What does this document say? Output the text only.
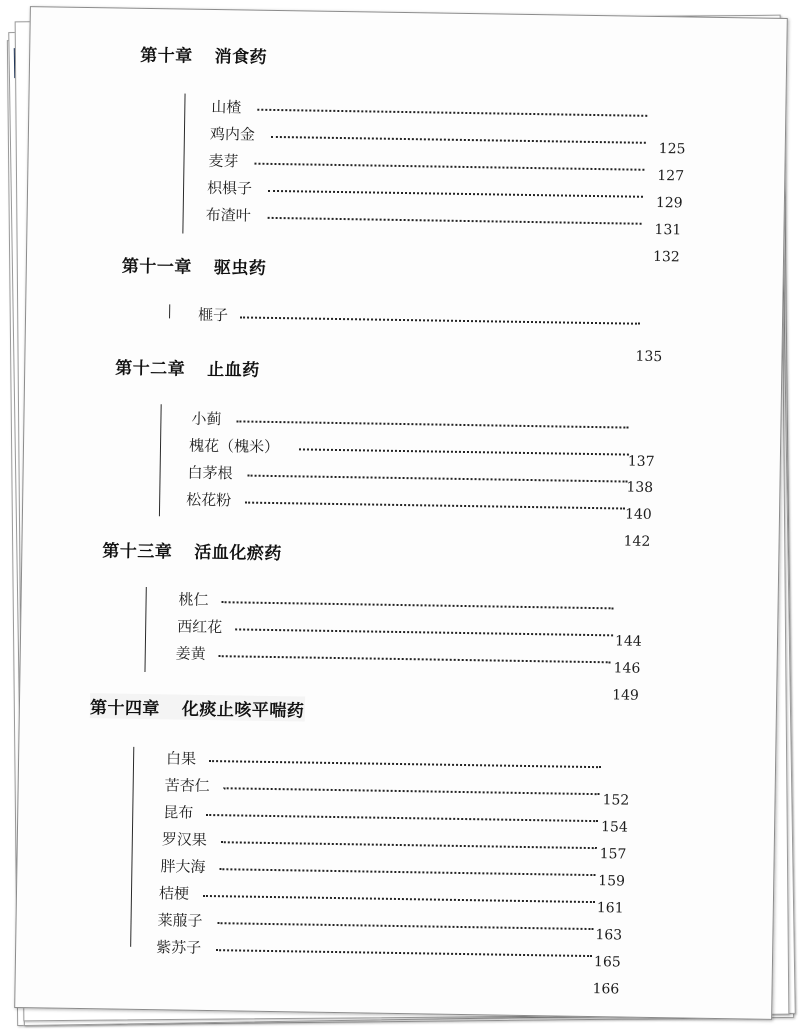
第十章 消食药
山楂
125
鸡内金
127
麦芽
129
枳椇子
131
布渣叶
132
第十一章 驱虫药
榧子
135
第十二章 止血药
小蓟
137
槐花（槐米）
138
白茅根
140
松花粉
142
第十三章 活血化瘀药
桃仁
144
西红花
146
姜黄
149
第十四章 化痰止咳平喘药
白果
152
苦杏仁
154
昆布
157
罗汉果
159
胖大海
161
桔梗
163
莱菔子
165
紫苏子
166
